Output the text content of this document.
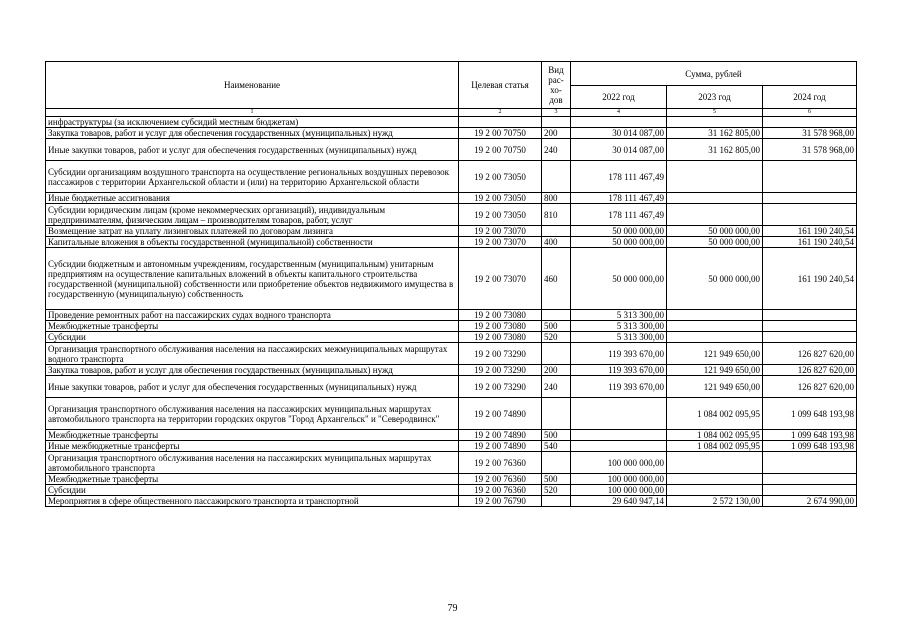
Наименование	Целевая статья	Вид рас-хо-дов	Сумма, рублей		
			2022 год	2023 год	2024 год
1	2	3	4	5	6
инфраструктуры (за исключением субсидий местным бюджетам)					
Закупка товаров, работ и услуг для обеспечения государственных (муниципальных) нужд	19 2 00 70750	200	30 014 087,00	31 162 805,00	31 578 968,00
Иные закупки товаров, работ и услуг для обеспечения государственных (муниципальных) нужд	19 2 00 70750	240	30 014 087,00	31 162 805,00	31 578 968,00
Субсидии организациям воздушного транспорта на осуществление региональных воздушных перевозок пассажиров с территории Архангельской области и (или) на территорию Архангельской области	19 2 00 73050		178 111 467,49		
Иные бюджетные ассигнования	19 2 00 73050	800	178 111 467,49		
Субсидии юридическим лицам (кроме некоммерческих организаций), индивидуальным предпринимателям, физическим лицам – производителям товаров, работ, услуг	19 2 00 73050	810	178 111 467,49		
Возмещение затрат на уплату лизинговых платежей по договорам лизинга	19 2 00 73070		50 000 000,00	50 000 000,00	161 190 240,54
Капитальные вложения в объекты государственной (муниципальной) собственности	19 2 00 73070	400	50 000 000,00	50 000 000,00	161 190 240,54
Субсидии бюджетным и автономным учреждениям, государственным (муниципальным) унитарным предприятиям на осуществление капитальных вложений в объекты капитального строительства государственной (муниципальной) собственности или приобретение объектов недвижимого имущества в государственную (муниципальную) собственность	19 2 00 73070	460	50 000 000,00	50 000 000,00	161 190 240,54
Проведение ремонтных работ на пассажирских судах водного транспорта	19 2 00 73080		5 313 300,00		
Межбюджетные трансферты	19 2 00 73080	500	5 313 300,00		
Субсидии	19 2 00 73080	520	5 313 300,00		
Организация транспортного обслуживания населения на пассажирских межмуниципальных маршрутах водного транспорта	19 2 00 73290		119 393 670,00	121 949 650,00	126 827 620,00
Закупка товаров, работ и услуг для обеспечения государственных (муниципальных) нужд	19 2 00 73290	200	119 393 670,00	121 949 650,00	126 827 620,00
Иные закупки товаров, работ и услуг для обеспечения государственных (муниципальных) нужд	19 2 00 73290	240	119 393 670,00	121 949 650,00	126 827 620,00
Организация транспортного обслуживания населения на пассажирских муниципальных маршрутах автомобильного транспорта на территории городских округов "Город Архангельск" и "Северодвинск"	19 2 00 74890			1 084 002 095,95	1 099 648 193,98
Межбюджетные трансферты	19 2 00 74890	500		1 084 002 095,95	1 099 648 193,98
Иные межбюджетные трансферты	19 2 00 74890	540		1 084 002 095,95	1 099 648 193,98
Организация транспортного обслуживания населения на пассажирских муниципальных маршрутах автомобильного транспорта	19 2 00 76360		100 000 000,00		
Межбюджетные трансферты	19 2 00 76360	500	100 000 000,00		
Субсидии	19 2 00 76360	520	100 000 000,00		
Мероприятия в сфере общественного пассажирского транспорта и транспортной	19 2 00 76790		29 640 947,14	2 572 130,00	2 674 990,00
79
